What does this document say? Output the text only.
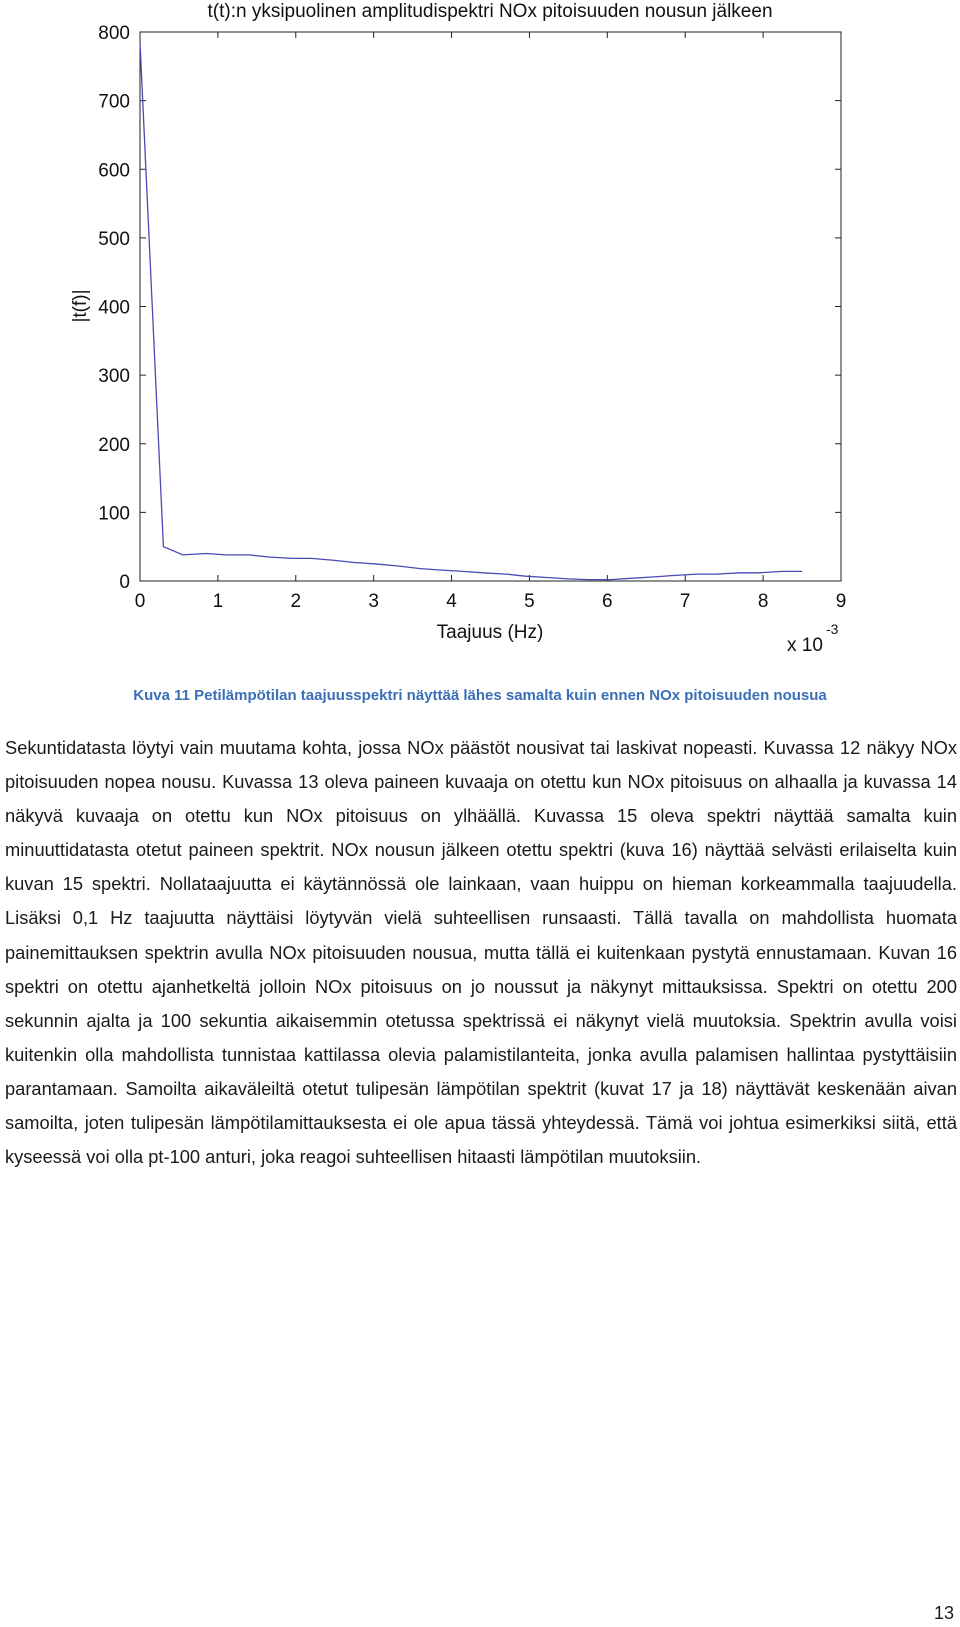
t(t):n yksipuolinen amplitudispektri NOx pitoisuuden nousun jälkeen
0	1	2	3	4	5	6	7	8	9
0
100
200
300
400
500
600
700
800
Taajuus (Hz)
|t(f)|
x 10
-3
Kuva 11 Petilämpötilan taajuusspektri näyttää lähes samalta kuin ennen NOx pitoisuuden nousua

Sekuntidatasta löytyi vain muutama kohta, jossa NOx päästöt nousivat tai laskivat nopeasti. Kuvassa 12 näkyy NOx pitoisuuden nopea nousu. Kuvassa 13 oleva paineen kuvaaja on otettu kun NOx pitoisuus on alhaalla ja kuvassa 14 näkyvä kuvaaja on otettu kun NOx pitoisuus on ylhäällä. Kuvassa 15 oleva spektri näyttää samalta kuin minuuttidatasta otetut paineen spektrit. NOx nousun jälkeen otettu spektri (kuva 16) näyttää selvästi erilaiselta kuin kuvan 15 spektri. Nollataajuutta ei käytännössä ole lainkaan, vaan huippu on hieman korkeammalla taajuudella. Lisäksi 0,1 Hz taajuutta näyttäisi löytyvän vielä suhteellisen runsaasti. Tällä tavalla on mahdollista huomata painemittauksen spektrin avulla NOx pitoisuuden nousua, mutta tällä ei kuitenkaan pystytä ennustamaan. Kuvan 16 spektri on otettu ajanhetkeltä jolloin NOx pitoisuus on jo noussut ja näkynyt mittauksissa. Spektri on otettu 200 sekunnin ajalta ja 100 sekuntia aikaisemmin otetussa spektrissä ei näkynyt vielä muutoksia. Spektrin avulla voisi kuitenkin olla mahdollista tunnistaa kattilassa olevia palamistilanteita, jonka avulla palamisen hallintaa pystyttäisiin parantamaan. Samoilta aikaväleiltä otetut tulipesän lämpötilan spektrit (kuvat 17 ja 18) näyttävät keskenään aivan samoilta, joten tulipesän lämpötilamittauksesta ei ole apua tässä yhteydessä. Tämä voi johtua esimerkiksi siitä, että kyseessä voi olla pt-100 anturi, joka reagoi suhteellisen hitaasti lämpötilan muutoksiin.

13
